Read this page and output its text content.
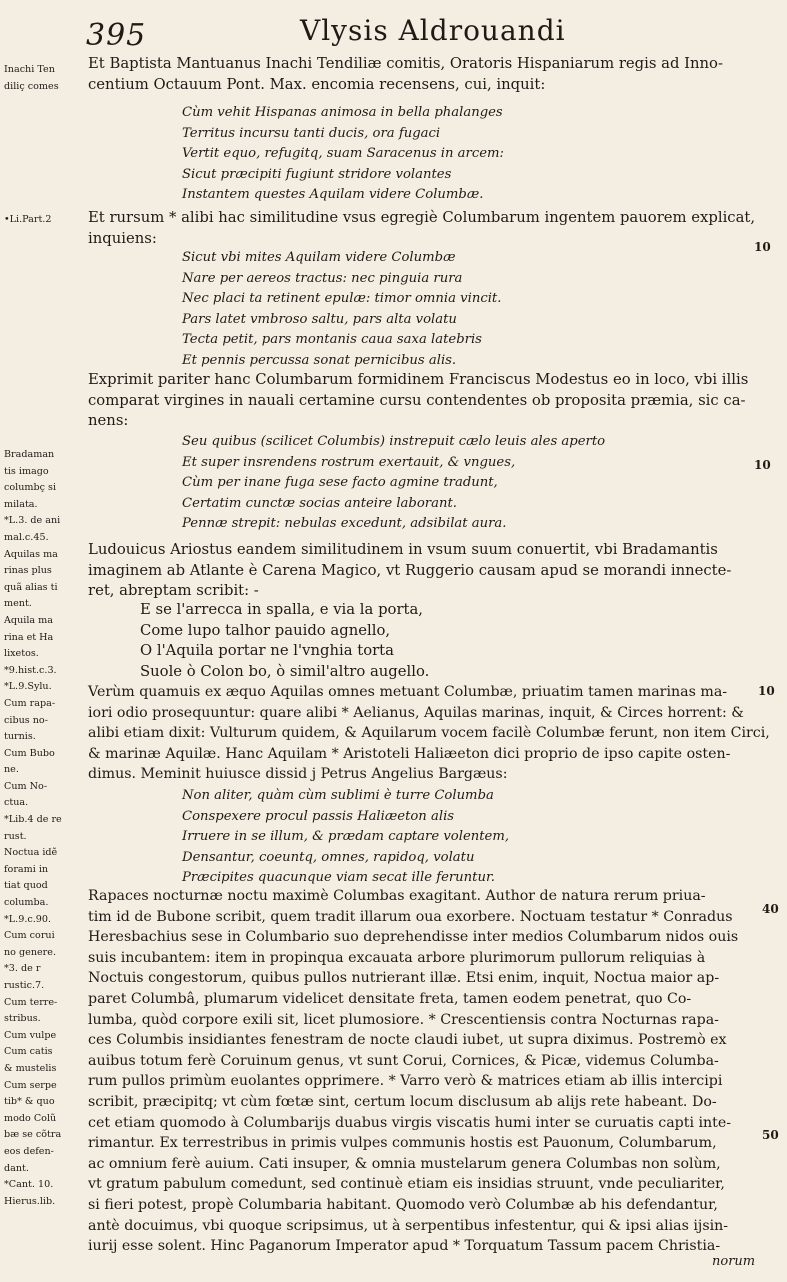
395	Vlysis Aldrouandi
Inachi Ten
diliç comes
•Li.Part.2
Bradaman
tis imago
columbç si
milata.
*L.3. de ani
mal.c.45.
Aquilas ma
rinas plus
quã alias ti
ment.
Aquila ma
rina et Ha
lixetos.
*9.hist.c.3.
*L.9.Sylu.
Cum rapa-
cibus no-
turnis.
Cum Bubo
ne.
Cum No-
ctua.
*Lib.4 de re
rust.
Noctua idẽ
forami in
tiat quod
columba.
*L.9.c.90.
Cum corui
no genere.
*3. de r
rustic.7.
Cum terre-
stribus.
Cum vulpe
Cum catis
& mustelis
Cum serpe
tib* & quo
modo Colũ
bæ se cõtra
eos defen-
dant.
*Cant. 10.
Hierus.lib.
Et Baptista Mantuanus Inachi Tendiliæ comitis, Oratoris Hispaniarum regis ad Inno-
centium Octauum Pont. Max. encomia recensens, cui, inquit:
Cùm vehit Hispanas animosa in bella phalanges
Territus incursu tanti ducis, ora fugaci
Vertit equo, refugitq, suam Saracenus in arcem:
Sicut præcipiti fugiunt stridore volantes
Instantem questes Aquilam videre Columbæ.
Et rursum * alibi hac similitudine vsus egregiè Columbarum ingentem pauorem explicat,
inquiens:
Sicut vbi mites Aquilam videre Columbæ
Nare per aereos tractus: nec pinguia rura
Nec placi ta retinent epulæ: timor omnia vincit.
Pars latet vmbroso saltu, pars alta volatu
Tecta petit, pars montanis caua saxa latebris
Et pennis percussa sonat pernicibus alis.
Exprimit pariter hanc Columbarum formidinem Franciscus Modestus eo in loco, vbi illis
comparat virgines in nauali certamine cursu contendentes ob proposita præmia, sic ca-
nens:
Seu quibus (scilicet Columbis) instrepuit cælo leuis ales aperto
Et super insrendens rostrum exertauit, & vngues,
Cùm per inane fuga sese facto agmine tradunt,
Certatim cunctæ socias anteire laborant.
Pennæ strepit: nebulas excedunt, adsibilat aura.
Ludouicus Ariostus eandem similitudinem in vsum suum conuertit, vbi Bradamantis
imaginem ab Atlante è Carena Magico, vt Ruggerio causam apud se morandi innecte-
ret, abreptam scribit: -
E se l'arrecca in spalla, e via la porta,
Come lupo talhor pauido agnello,
O l'Aquila portar ne l'vnghia torta
Suole ò Colon bo, ò simil'altro augello.
Verùm quamuis ex æquo Aquilas omnes metuant Columbæ, priuatim tamen marinas ma-
iori odio prosequuntur: quare alibi * Aelianus, Aquilas marinas, inquit, & Circes horrent: &
alibi etiam dixit: Vulturum quidem, & Aquilarum vocem facilè Columbæ ferunt, non item Circi,
& marinæ Aquilæ. Hanc Aquilam * Aristoteli Haliæeton dici proprio de ipso capite osten-
dimus. Meminit huiusce dissid j Petrus Angelius Bargæus:
Non aliter, quàm cùm sublimi è turre Columba
Conspexere procul passis Haliæeton alis
Irruere in se illum, & prædam captare volentem,
Densantur, coeuntq, omnes, rapidoq, volatu
Præcipites quacunque viam secat ille feruntur.
Rapaces nocturnæ noctu maximè Columbas exagitant. Author de natura rerum priua-
tim id de Bubone scribit, quem tradit illarum oua exorbere. Noctuam testatur * Conradus
Heresbachius sese in Columbario suo deprehendisse inter medios Columbarum nidos ouis
suis incubantem: item in propinqua excauata arbore plurimorum pullorum reliquias à
Noctuis congestorum, quibus pullos nutrierant illæ. Etsi enim, inquit, Noctua maior ap-
paret Columbâ, plumarum videlicet densitate freta, tamen eodem penetrat, quo Co-
lumba, quòd corpore exili sit, licet plumosiore. * Crescentiensis contra Nocturnas rapa-
ces Columbis insidiantes fenestram de nocte claudi iubet, ut supra diximus. Postremò ex
auibus totum ferè Coruinum genus, vt sunt Corui, Cornices, & Picæ, videmus Columba-
rum pullos primùm euolantes opprimere. * Varro verò & matrices etiam ab illis intercipi
scribit, præcipitq; vt cùm fœtæ sint, certum locum disclusum ab alijs rete habeant. Do-
cet etiam quomodo à Columbarijs duabus virgis viscatis humi inter se curuatis capti inte-
rimantur. Ex terrestribus in primis vulpes communis hostis est Pauonum, Columbarum,
ac omnium ferè auium. Cati insuper, & omnia mustelarum genera Columbas non solùm,
vt gratum pabulum comedunt, sed continuè etiam eis insidias struunt, vnde peculiariter,
si fieri potest, propè Columbaria habitant. Quomodo verò Columbæ ab his defendantur,
antè docuimus, vbi quoque scripsimus, ut à serpentibus infestentur, qui & ipsi alias ijsin-
iurij esse solent. Hinc Paganorum Imperator apud * Torquatum Tassum pacem Christia-
10
10
10
40
50
norum
